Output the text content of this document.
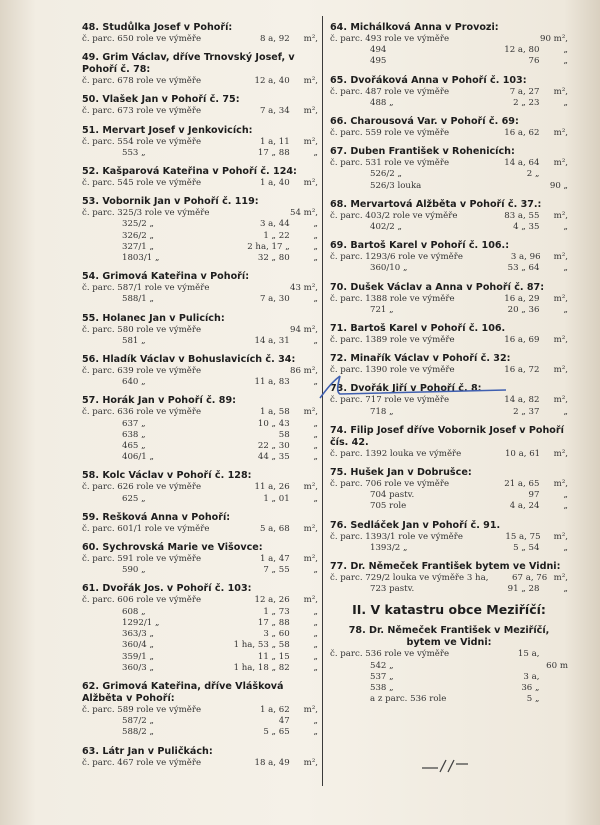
48. Studůlka Josef v Pohoří:
č. parc. 650 role ve výměře	8 a, 92	m²,
49. Grim Václav, dříve Trnovský Josef, v Pohoří č. 78:
č. parc. 678 role ve výměře	12 a, 40	m²,
50. Vlašek Jan v Pohoří č. 75:
č. parc. 673 role ve výměře	7 a, 34	m²,
51. Mervart Josef v Jenkovicích:
č. parc. 554 role ve výměře	1 a, 11	m²,
553 „	17 „ 88	„
52. Kašparová Kateřina v Pohoří č. 124:
č. parc. 545 role ve výměře	1 a, 40	m²,
53. Vobornik Jan v Pohoří č. 119:
č. parc. 325/3 role ve výměře	54 m²,
325/2 „	3 a, 44	„
326/2 „	1 „ 22	„
327/1 „	2 ha, 17 „	„
1803/1 „	32 „ 80	„
54. Grimová Kateřina v Pohoří:
č. parc. 587/1 role ve výměře	43 m²,
588/1 „	7 a, 30	„
55. Holanec Jan v Pulicích:
č. parc. 580 role ve výměře	94 m²,
581 „	14 a, 31	„
56. Hladík Václav v Bohuslavicích č. 34:
č. parc. 639 role ve výměře	86 m²,
640 „	11 a, 83	„
57. Horák Jan v Pohoří č. 89:
č. parc. 636 role ve výměře	1 a, 58	m²,
637 „	10 „ 43	„
638 „	58	„
465 „	22 „ 30	„
406/1 „	44 „ 35	„
58. Kolc Václav v Pohoří č. 128:
č. parc. 626 role ve výměře	11 a, 26	m²,
625 „	1 „ 01	„
59. Rešková Anna v Pohoří:
č. parc. 601/1 role ve výměře	5 a, 68	m²,
60. Sychrovská Marie ve Višovce:
č. parc. 591 role ve výměře	1 a, 47	m²,
590 „	7 „ 55	„
61. Dvořák Jos. v Pohoří č. 103:
č. parc. 606 role ve výměře	12 a, 26	m²,
608 „	1 „ 73	„
1292/1 „	17 „ 88	„
363/3 „	3 „ 60	„
360/4 „	1 ha, 53 „ 58	„
359/1 „	11 „ 15	„
360/3 „	1 ha, 18 „ 82	„
62. Grimová Kateřina, dříve Vlášková Alžběta v Pohoří:
č. parc. 589 role ve výměře	1 a, 62	m²,
587/2 „	47	„
588/2 „	5 „ 65	„
63. Látr Jan v Puličkách:
č. parc. 467 role ve výměře	18 a, 49	m²,
64. Michálková Anna v Provozi:
č. parc. 493 role ve výměře	90 m²,
494	12 a, 80	„
495	76	„
65. Dvořáková Anna v Pohoří č. 103:
č. parc. 487 role ve výměře	7 a, 27	m²,
488 „	2 „ 23	„
66. Charousová Var. v Pohoří č. 69:
č. parc. 559 role ve výměře	16 a, 62	m²,
67. Duben František v Rohenicích:
č. parc. 531 role ve výměře	14 a, 64	m²,
526/2 „	2 „
526/3 louka	90 „
68. Mervartová Alžběta v Pohoří č. 37.:
č. parc. 403/2 role ve výměře	83 a, 55	m²,
402/2 „	4 „ 35	„
69. Bartoš Karel v Pohoří č. 106.:
č. parc. 1293/6 role ve výměře	3 a, 96	m²,
360/10 „	53 „ 64	„
70. Dušek Václav a Anna v Pohoří č. 87:
č. parc. 1388 role ve výměře	16 a, 29	m²,
721 „	20 „ 36	„
71. Bartoš Karel v Pohoří č. 106.
č. parc. 1389 role ve výměře	16 a, 69	m²,
72. Minařík Václav v Pohoří č. 32:
č. parc. 1390 role ve výměře	16 a, 72	m²,
73. Dvořák Jiří v Pohoří č. 8:
č. parc. 717 role ve výměře	14 a, 82	m²,
718 „	2 „ 37	„
74. Filip Josef dříve Vobornik Josef v Pohoří čís. 42.
č. parc. 1392 louka ve výměře	10 a, 61	m²,
75. Hušek Jan v Dobrušce:
č. parc. 706 role ve výměře	21 a, 65	m²,
704 pastv.	97	„
705 role	4 a, 24	„
76. Sedláček Jan v Pohoří č. 91.
č. parc. 1393/1 role ve výměře	15 a, 75	m²,
1393/2 „	5 „ 54	„
77. Dr. Němeček František bytem ve Vidni:
č. parc. 729/2 louka ve výměře 3 ha,	67 a, 76 m²,
723 pastv.	91 „ 28	„
II. V katastru obce Meziříčí:
78. Dr. Němeček František v Meziříčí, bytem ve Vidni:
č. parc. 536 role ve výměře	15 a,
542 „	60 m
537 „	3 a,
538 „	36 „
a z parc. 536 role	5 „
